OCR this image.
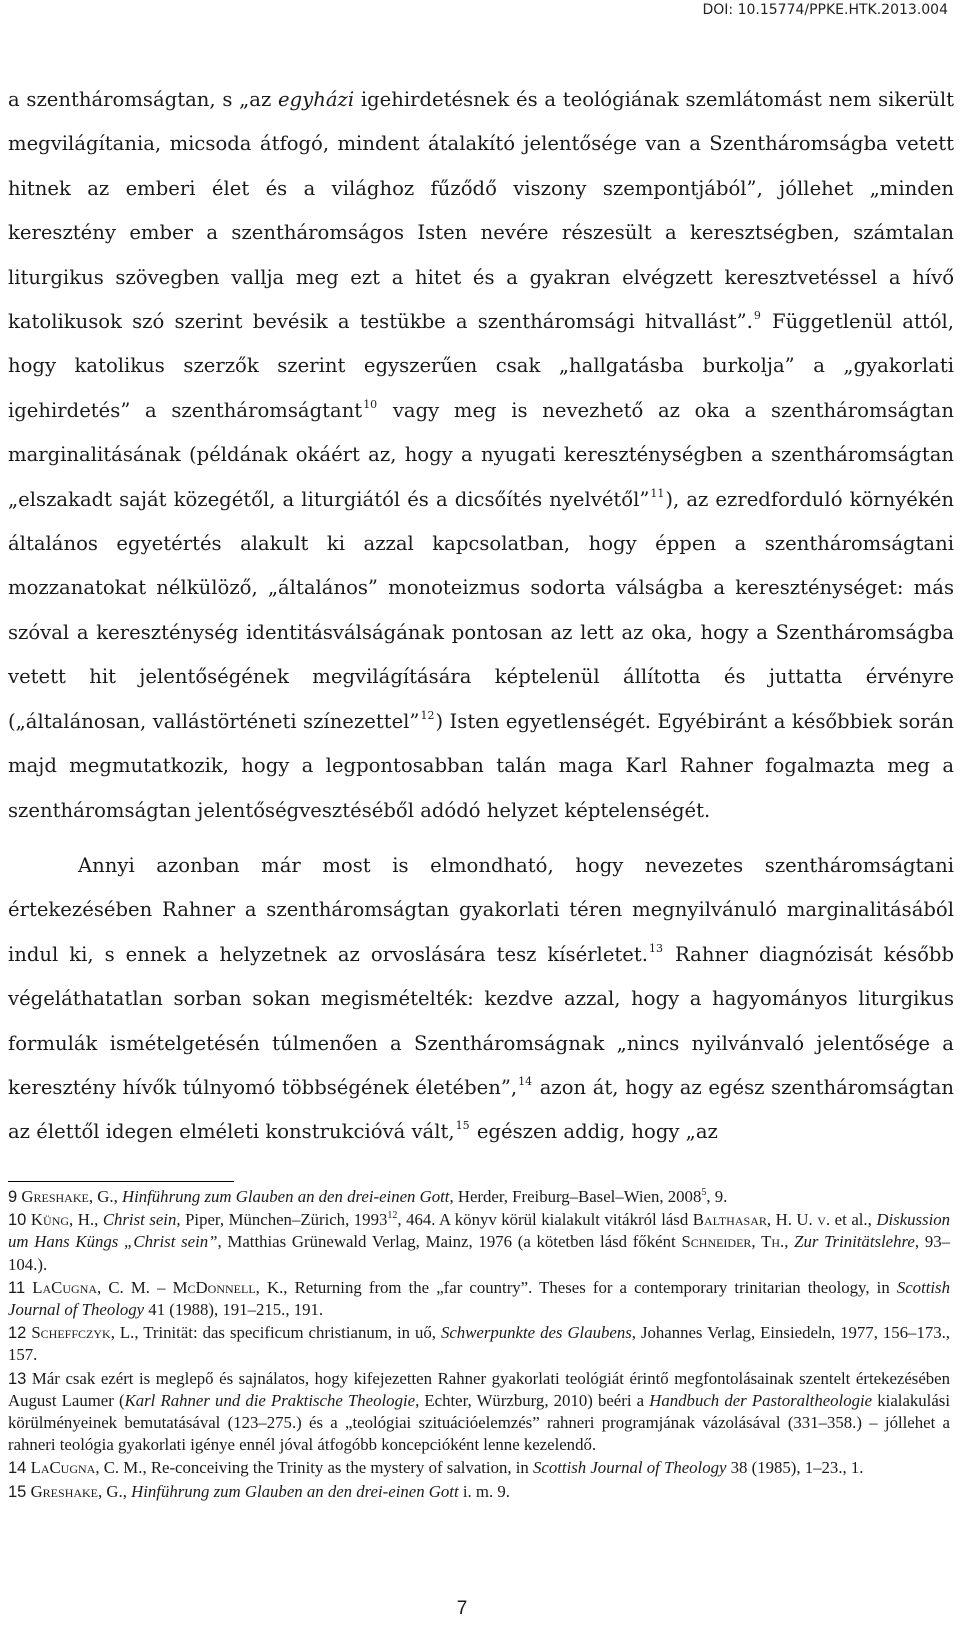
DOI: 10.15774/PPKE.HTK.2013.004

a szentháromságtan, s „az egyházi igehirdetésnek és a teológiának szemlátomást nem sikerült megvilágítania, micsoda átfogó, mindent átalakító jelentősége van a Szentháromságba vetett hitnek az emberi élet és a világhoz fűződő viszony szempontjából”, jóllehet „minden keresztény ember a szentháromságos Isten nevére részesült a keresztségben, számtalan liturgikus szövegben vallja meg ezt a hitet és a gyakran elvégzett keresztvetéssel a hívő katolikusok szó szerint bevésik a testükbe a szentháromsági hitvallást”.$^9$ Függetlenül attól, hogy katolikus szerzők szerint egyszerűen csak „hallgatásba burkolja” a „gyakorlati igehirdetés” a szentháromságtant$^{10}$ vagy meg is nevezhető az oka a szentháromságtan marginalitásának (példának okáért az, hogy a nyugati kereszténységben a szentháromságtan „elszakadt saját közegétől, a liturgiától és a dicsőítés nyelvétől”$^{11}$), az ezredforduló környékén általános egyetértés alakult ki azzal kapcsolatban, hogy éppen a szentháromságtani mozzanatokat nélkülöző, „általános” monoteizmus sodorta válságba a kereszténységet: más szóval a kereszténység identitásválságának pontosan az lett az oka, hogy a Szentháromságba vetett hit jelentőségének megvilágítására képtelenül állította és juttatta érvényre („általánosan, vallástörténeti színezettel”$^{12}$) Isten egyetlenségét. Egyébiránt a későbbiek során majd megmutatkozik, hogy a legpontosabban talán maga Karl Rahner fogalmazta meg a szentháromságtan jelentőségvesztéséből adódó helyzet képtelenségét.

Annyi azonban már most is elmondható, hogy nevezetes szentháromságtani értekezésében Rahner a szentháromságtan gyakorlati téren megnyilvánuló marginalitásából indul ki, s ennek a helyzetnek az orvoslására tesz kísérletet.$^{13}$ Rahner diagnózisát később végeláthatatlan sorban sokan megismételték: kezdve azzal, hogy a hagyományos liturgikus formulák ismételgetésén túlmenően a Szentháromságnak „nincs nyilvánvaló jelentősége a keresztény hívők túlnyomó többségének életében”,$^{14}$ azon át, hogy az egész szentháromságtan az élettől idegen elméleti konstrukcióvá vált,$^{15}$ egészen addig, hogy „az

9 Greshake, G., Hinführung zum Glauben an den drei-einen Gott, Herder, Freiburg–Basel–Wien, 2008$^5$, 9.
10 Küng, H., Christ sein, Piper, München–Zürich, 1993$^{12}$, 464. A könyv körül kialakult vitákról lásd Balthasar, H. U. v. et al., Diskussion um Hans Küngs „Christ sein”, Matthias Grünewald Verlag, Mainz, 1976 (a kötetben lásd főként Schneider, Th., Zur Trinitätslehre, 93–104.).
11 LaCugna, C. M. – McDonnell, K., Returning from the „far country”. Theses for a contemporary trinitarian theology, in Scottish Journal of Theology 41 (1988), 191–215., 191.
12 Scheffczyk, L., Trinität: das specificum christianum, in uő, Schwerpunkte des Glaubens, Johannes Verlag, Einsiedeln, 1977, 156–173., 157.
13 Már csak ezért is meglepő és sajnálatos, hogy kifejezetten Rahner gyakorlati teológiát érintő megfontolásainak szentelt értekezésében August Laumer (Karl Rahner und die Praktische Theologie, Echter, Würzburg, 2010) beéri a Handbuch der Pastoraltheologie kialakulási körülményeinek bemutatásával (123–275.) és a „teológiai szituációelemzés” rahneri programjának vázolásával (331–358.) – jóllehet a rahneri teológia gyakorlati igénye ennél jóval átfogóbb koncepcióként lenne kezelendő.
14 LaCugna, C. M., Re-conceiving the Trinity as the mystery of salvation, in Scottish Journal of Theology 38 (1985), 1–23., 1.
15 Greshake, G., Hinführung zum Glauben an den drei-einen Gott i. m. 9.
7
